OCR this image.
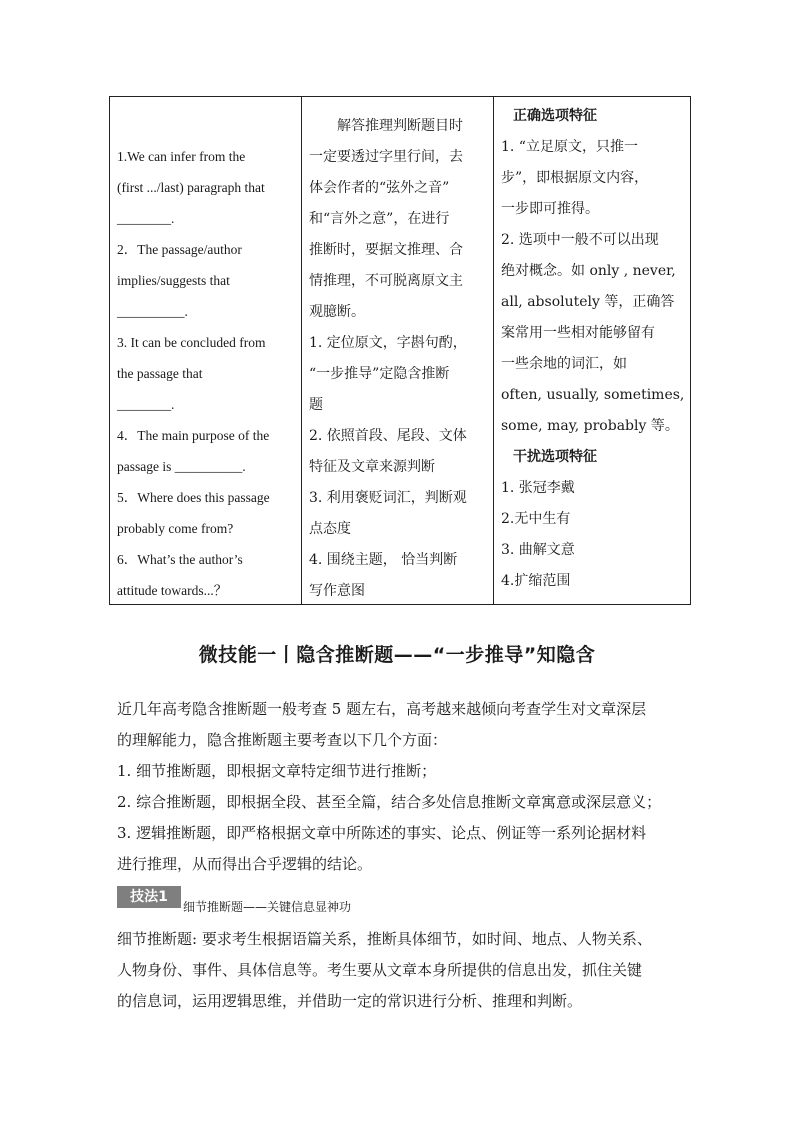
1.We can infer from the
(first .../last) paragraph that
________.
2．The passage/author
implies/suggests that
__________.
3. It can be concluded from
the passage that
________.
4．The main purpose of the
passage is __________.
5．Where does this passage
probably come from?
6．What’s the author’s
attitude towards...？

解答推理判断题目时
一定要透过字里行间，去
体会作者的“弦外之音”
和“言外之意”，在进行
推断时，要据文推理、合
情推理，不可脱离原文主
观臆断。
1. 定位原文，字斟句酌，
“一步推导”定隐含推断
题
2. 依照首段、尾段、文体
特征及文章来源判断
3. 利用褒贬词汇，判断观
点态度
4. 围绕主题， 恰当判断
写作意图

正确选项特征
1. “立足原文，只推一
步”，即根据原文内容，
一步即可推得。
2. 选项中一般不可以出现
绝对概念。如 only , never,
all, absolutely 等，正确答
案常用一些相对能够留有
一些余地的词汇，如
often, usually, sometimes,
some, may, probably 等。
干扰选项特征
1. 张冠李戴
2.无中生有
3. 曲解文意
4.扩缩范围
微技能一丨隐含推断题——“一步推导”知隐含
近几年高考隐含推断题一般考查 5 题左右，高考越来越倾向考查学生对文章深层
的理解能力，隐含推断题主要考查以下几个方面：
1. 细节推断题，即根据文章特定细节进行推断；
2. 综合推断题，即根据全段、甚至全篇，结合多处信息推断文章寓意或深层意义；
3. 逻辑推断题，即严格根据文章中所陈述的事实、论点、例证等一系列论据材料
进行推理，从而得出合乎逻辑的结论。
技法1
细节推断题——关键信息显神功
细节推断题: 要求考生根据语篇关系，推断具体细节，如时间、地点、人物关系、
人物身份、事件、具体信息等。考生要从文章本身所提供的信息出发，抓住关键
的信息词，运用逻辑思维，并借助一定的常识进行分析、推理和判断。
